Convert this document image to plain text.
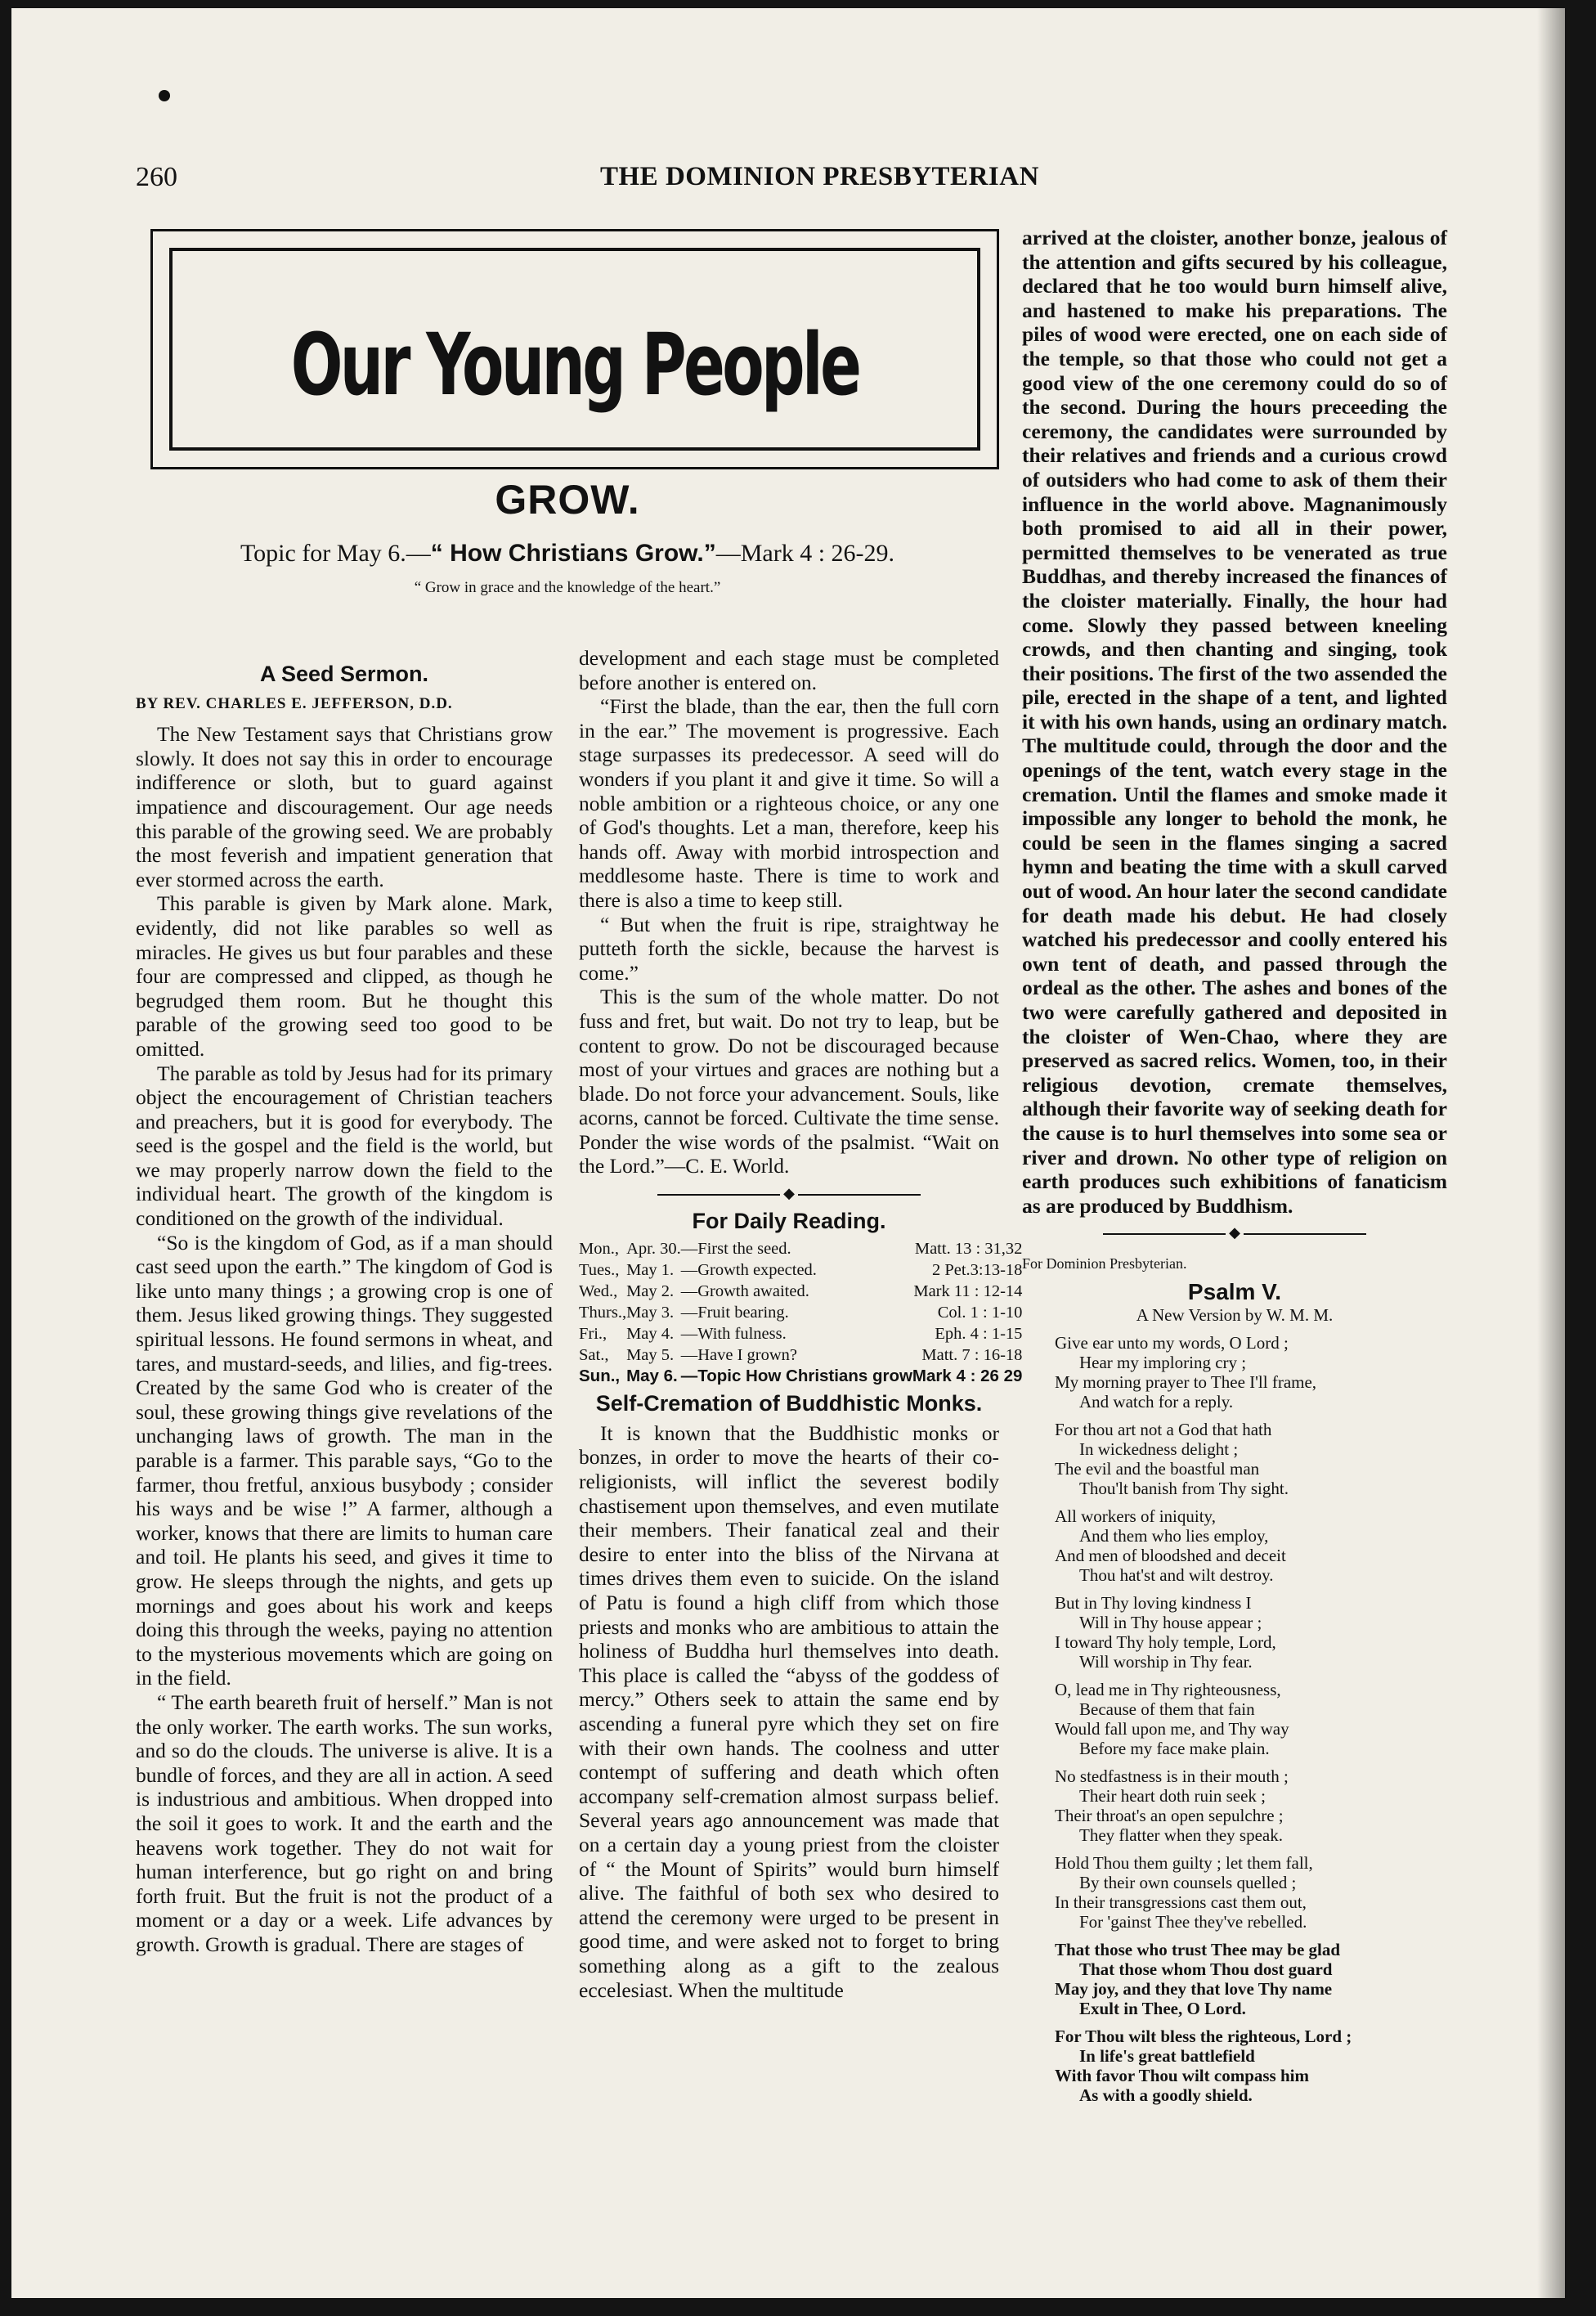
260	THE DOMINION PRESBYTERIAN
Our Young People
GROW.
Topic for May 6.—“ How Christians Grow.”—Mark 4 : 26-29.
“ Grow in grace and the knowledge of the heart.”
A Seed Sermon.
BY REV. CHARLES E. JEFFERSON, D.D.

The New Testament says that Christians grow slowly. It does not say this in order to encourage indifference or sloth, but to guard against impatience and discouragement. Our age needs this parable of the growing seed. We are probably the most feverish and impatient generation that ever stormed across the earth.

This parable is given by Mark alone. Mark, evidently, did not like parables so well as miracles. He gives us but four parables and these four are compressed and clipped, as though he begrudged them room. But he thought this parable of the growing seed too good to be omitted.

The parable as told by Jesus had for its primary object the encouragement of Christian teachers and preachers, but it is good for everybody. The seed is the gospel and the field is the world, but we may properly narrow down the field to the individual heart. The growth of the kingdom is conditioned on the growth of the individual.

“So is the kingdom of God, as if a man should cast seed upon the earth.” The kingdom of God is like unto many things ; a growing crop is one of them. Jesus liked growing things. They suggested spiritual lessons. He found sermons in wheat, and tares, and mustard-seeds, and lilies, and fig-trees. Created by the same God who is creater of the soul, these growing things give revelations of the unchanging laws of growth. The man in the parable is a farmer. This parable says, “Go to the farmer, thou fretful, anxious busybody ; consider his ways and be wise !” A farmer, although a worker, knows that there are limits to human care and toil. He plants his seed, and gives it time to grow. He sleeps through the nights, and gets up mornings and goes about his work and keeps doing this through the weeks, paying no attention to the mysterious movements which are going on in the field.

“ The earth beareth fruit of herself.” Man is not the only worker. The earth works. The sun works, and so do the clouds. The universe is alive. It is a bundle of forces, and they are all in action. A seed is industrious and ambitious. When dropped into the soil it goes to work. It and the earth and the heavens work together. They do not wait for human interference, but go right on and bring forth fruit. But the fruit is not the product of a moment or a day or a week. Life advances by growth. Growth is gradual. There are stages of

development and each stage must be completed before another is entered on.

“First the blade, than the ear, then the full corn in the ear.” The movement is progressive. Each stage surpasses its predecessor. A seed will do wonders if you plant it and give it time. So will a noble ambition or a righteous choice, or any one of God's thoughts. Let a man, therefore, keep his hands off. Away with morbid introspection and meddlesome haste. There is time to work and there is also a time to keep still.

“ But when the fruit is ripe, straightway he putteth forth the sickle, because the harvest is come.”

This is the sum of the whole matter. Do not fuss and fret, but wait. Do not try to leap, but be content to grow. Do not be discouraged because most of your virtues and graces are nothing but a blade. Do not force your advancement. Souls, like acorns, cannot be forced. Cultivate the time sense. Ponder the wise words of the psalmist. “Wait on the Lord.”—C. E. World.

◆
For Daily Reading.
Mon.,	Apr. 30.	—First the seed.	Matt. 13 : 31,32
Tues.,	May 1.	—Growth expected.	2 Pet.3:13-18
Wed.,	May 2.	—Growth awaited.	Mark 11 : 12-14
Thurs.,	May 3.	—Fruit bearing.	Col. 1 : 1-10
Fri.,	May 4.	—With fulness.	Eph. 4 : 1-15
Sat.,	May 5.	—Have I grown?	Matt. 7 : 16-18
Sun.,	May 6.	—Topic How Christians grow	Mark 4 : 26 29
Self-Cremation of Buddhistic Monks.

It is known that the Buddhistic monks or bonzes, in order to move the hearts of their co-religionists, will inflict the severest bodily chastisement upon themselves, and even mutilate their members. Their fanatical zeal and their desire to enter into the bliss of the Nirvana at times drives them even to suicide. On the island of Patu is found a high cliff from which those priests and monks who are ambitious to attain the holiness of Buddha hurl themselves into death. This place is called the “abyss of the goddess of mercy.” Others seek to attain the same end by ascending a funeral pyre which they set on fire with their own hands. The coolness and utter contempt of suffering and death which often accompany self-cremation almost surpass belief. Several years ago announcement was made that on a certain day a young priest from the cloister of “ the Mount of Spirits” would burn himself alive. The faithful of both sex who desired to attend the ceremony were urged to be present in good time, and were asked not to forget to bring something along as a gift to the zealous eccelesiast. When the multitude

arrived at the cloister, another bonze, jealous of the attention and gifts secured by his colleague, declared that he too would burn himself alive, and hastened to make his preparations. The piles of wood were erected, one on each side of the temple, so that those who could not get a good view of the one ceremony could do so of the second. During the hours preceeding the ceremony, the candidates were surrounded by their relatives and friends and a curious crowd of outsiders who had come to ask of them their influence in the world above. Magnanimously both promised to aid all in their power, permitted themselves to be venerated as true Buddhas, and thereby increased the finances of the cloister materially. Finally, the hour had come. Slowly they passed between kneeling crowds, and then chanting and singing, took their positions. The first of the two assended the pile, erected in the shape of a tent, and lighted it with his own hands, using an ordinary match. The multitude could, through the door and the openings of the tent, watch every stage in the cremation. Until the flames and smoke made it impossible any longer to behold the monk, he could be seen in the flames singing a sacred hymn and beating the time with a skull carved out of wood. An hour later the second candidate for death made his debut. He had closely watched his predecessor and coolly entered his own tent of death, and passed through the ordeal as the other. The ashes and bones of the two were carefully gathered and deposited in the cloister of Wen-Chao, where they are preserved as sacred relics. Women, too, in their religious devotion, cremate themselves, although their favorite way of seeking death for the cause is to hurl themselves into some sea or river and drown. No other type of religion on earth produces such exhibitions of fanaticism as are produced by Buddhism.

◆
For Dominion Presbyterian.
Psalm V.
A New Version by W. M. M.
Give ear unto my words, O Lord ;
Hear my imploring cry ;
My morning prayer to Thee I'll frame,
And watch for a reply.
For thou art not a God that hath
In wickedness delight ;
The evil and the boastful man
Thou'lt banish from Thy sight.
All workers of iniquity,
And them who lies employ,
And men of bloodshed and deceit
Thou hat'st and wilt destroy.
But in Thy loving kindness I
Will in Thy house appear ;
I toward Thy holy temple, Lord,
Will worship in Thy fear.
O, lead me in Thy righteousness,
Because of them that fain
Would fall upon me, and Thy way
Before my face make plain.
No stedfastness is in their mouth ;
Their heart doth ruin seek ;
Their throat's an open sepulchre ;
They flatter when they speak.
Hold Thou them guilty ; let them fall,
By their own counsels quelled ;
In their transgressions cast them out,
For 'gainst Thee they've rebelled.
That those who trust Thee may be glad
That those whom Thou dost guard
May joy, and they that love Thy name
Exult in Thee, O Lord.
For Thou wilt bless the righteous, Lord ;
In life's great battlefield
With favor Thou wilt compass him
As with a goodly shield.
